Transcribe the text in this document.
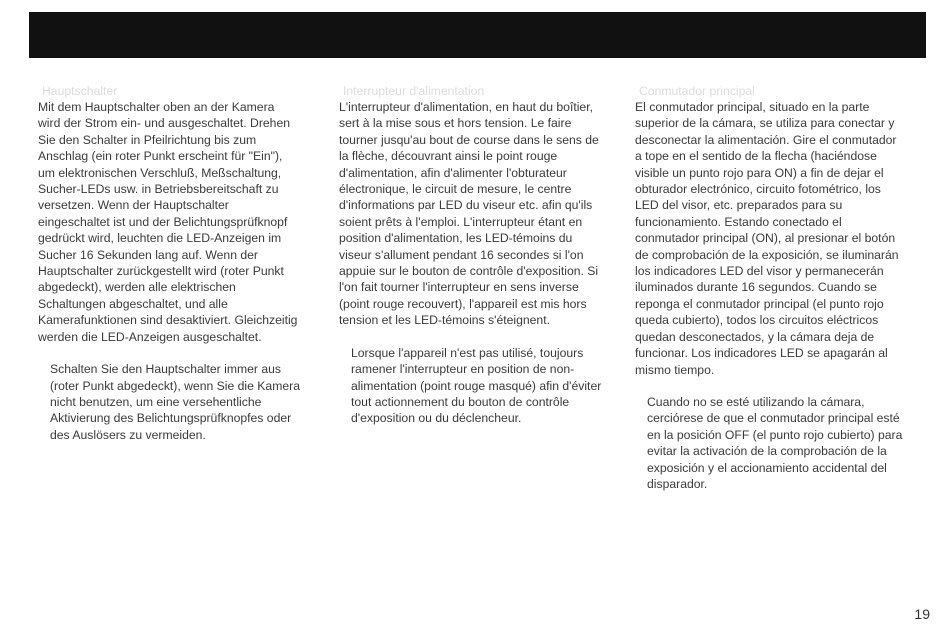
Hauptschalter

Mit dem Hauptschalter oben an der Kamera wird der Strom ein- und ausgeschaltet. Drehen Sie den Schalter in Pfeilrichtung bis zum Anschlag (ein roter Punkt erscheint für "Ein"), um elektronischen Verschluß, Meßschaltung, Sucher-LEDs usw. in Betriebsbereitschaft zu versetzen. Wenn der Hauptschalter eingeschaltet ist und der Belichtungsprüfknopf gedrückt wird, leuchten die LED-Anzeigen im Sucher 16 Sekunden lang auf. Wenn der Hauptschalter zurückgestellt wird (roter Punkt abgedeckt), werden alle elektrischen Schaltungen abgeschaltet, und alle Kamerafunktionen sind desaktiviert. Gleichzeitig werden die LED-Anzeigen ausgeschaltet.

Schalten Sie den Hauptschalter immer aus (roter Punkt abgedeckt), wenn Sie die Kamera nicht benutzen, um eine versehentliche Aktivierung des Belichtungsprüfknopfes oder des Auslösers zu vermeiden.

Interrupteur d'alimentation

L'interrupteur d'alimentation, en haut du boîtier, sert à la mise sous et hors tension. Le faire tourner jusqu'au bout de course dans le sens de la flèche, découvrant ainsi le point rouge d'alimentation, afin d'alimenter l'obturateur électronique, le circuit de mesure, le centre d'informations par LED du viseur etc. afin qu'ils soient prêts à l'emploi. L'interrupteur étant en position d'alimentation, les LED-témoins du viseur s'allument pendant 16 secondes si l'on appuie sur le bouton de contrôle d'exposition. Si l'on fait tourner l'interrupteur en sens inverse (point rouge recouvert), l'appareil est mis hors tension et les LED-témoins s'éteignent.

Lorsque l'appareil n'est pas utilisé, toujours ramener l'interrupteur en position de non-alimentation (point rouge masqué) afin d'éviter tout actionnement du bouton de contrôle d'exposition ou du déclencheur.

Conmutador principal

El conmutador principal, situado en la parte superior de la cámara, se utiliza para conectar y desconectar la alimentación. Gire el conmutador a tope en el sentido de la flecha (haciéndose visible un punto rojo para ON) a fin de dejar el obturador electrónico, circuito fotométrico, los LED del visor, etc. preparados para su funcionamiento. Estando conectado el conmutador principal (ON), al presionar el botón de comprobación de la exposición, se iluminarán los indicadores LED del visor y permanecerán iluminados durante 16 segundos. Cuando se reponga el conmutador principal (el punto rojo queda cubierto), todos los circuitos eléctricos quedan desconectados, y la cámara deja de funcionar. Los indicadores LED se apagarán al mismo tiempo.

Cuando no se esté utilizando la cámara, cerciórese de que el conmutador principal esté en la posición OFF (el punto rojo cubierto) para evitar la activación de la comprobación de la exposición y el accionamiento accidental del disparador.

19
